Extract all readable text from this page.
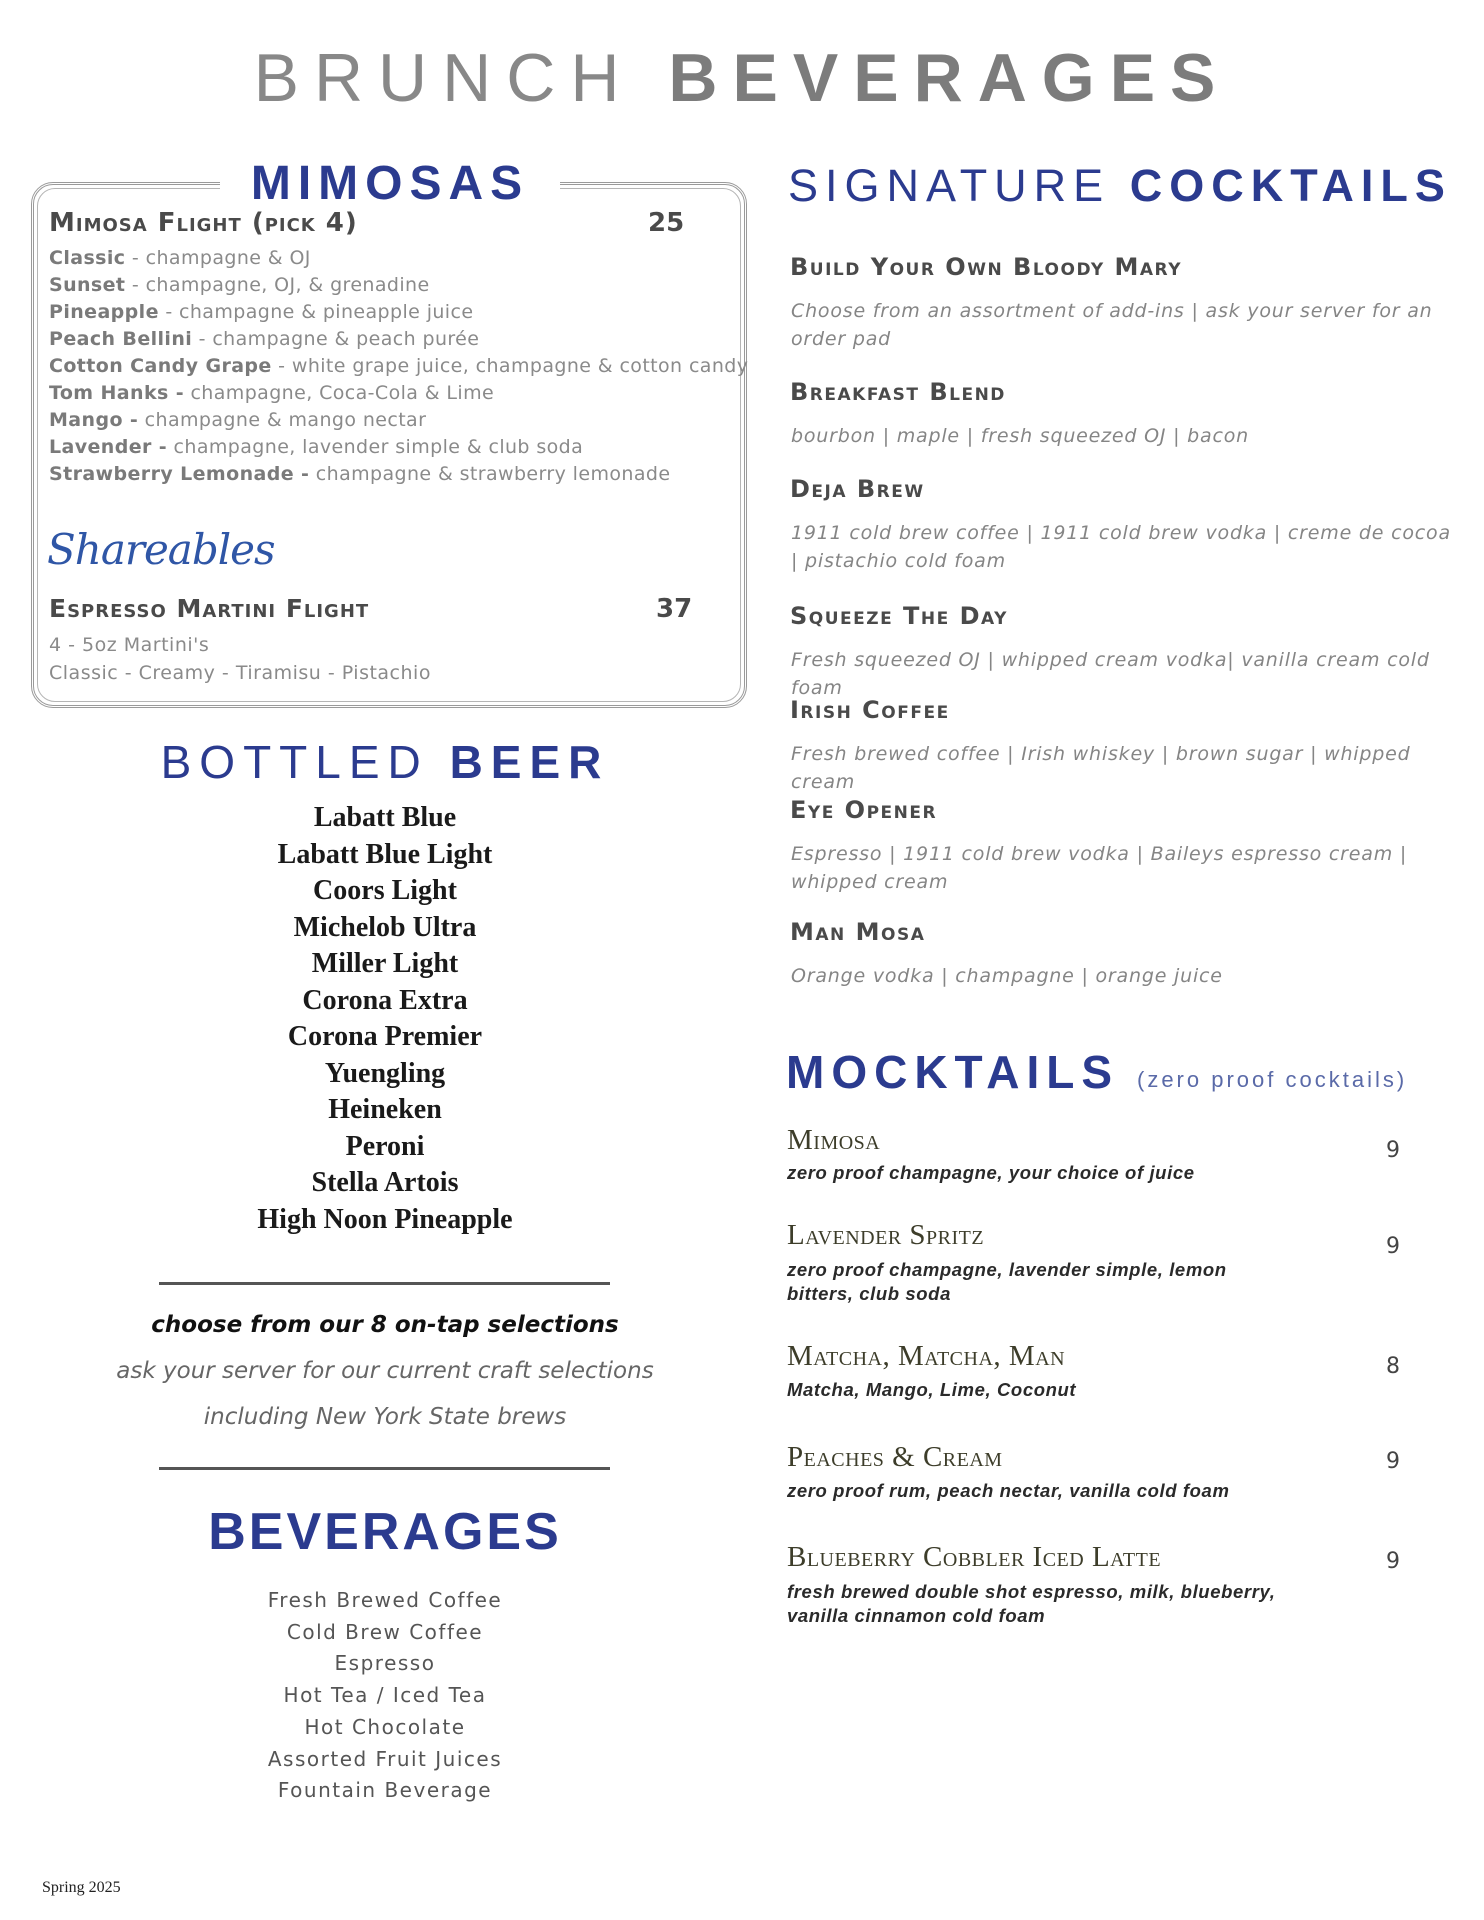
BRUNCH BEVERAGES
MIMOSAS
Mimosa Flight (pick 4)	25
Classic - champagne & OJ
Sunset - champagne, OJ, & grenadine
Pineapple - champagne & pineapple juice
Peach Bellini - champagne & peach purée
Cotton Candy Grape - white grape juice, champagne & cotton candy
Tom Hanks - champagne, Coca-Cola & Lime
Mango - champagne & mango nectar
Lavender - champagne, lavender simple & club soda
Strawberry Lemonade - champagne & strawberry lemonade
Shareables
Espresso Martini Flight	37
4 - 5oz Martini's
Classic - Creamy - Tiramisu - Pistachio
BOTTLED BEER
Labatt Blue
Labatt Blue Light
Coors Light
Michelob Ultra
Miller Light
Corona Extra
Corona Premier
Yuengling
Heineken
Peroni
Stella Artois
High Noon Pineapple
choose from our 8 on-tap selections
ask your server for our current craft selections
including New York State brews
BEVERAGES
Fresh Brewed Coffee
Cold Brew Coffee
Espresso
Hot Tea / Iced Tea
Hot Chocolate
Assorted Fruit Juices
Fountain Beverage
Spring 2025
SIGNATURE COCKTAILS
Build Your Own Bloody Mary
Choose from an assortment of add-ins | ask your server for an order pad
Breakfast Blend
bourbon | maple | fresh squeezed OJ | bacon
Deja Brew
1911 cold brew coffee | 1911 cold brew vodka | creme de cocoa | pistachio cold foam
Squeeze The Day
Fresh squeezed OJ | whipped cream vodka| vanilla cream cold foam
Irish Coffee
Fresh brewed coffee | Irish whiskey | brown sugar | whipped cream
Eye Opener
Espresso | 1911 cold brew vodka | Baileys espresso cream | whipped cream
Man Mosa
Orange vodka | champagne | orange juice
MOCKTAILS (zero proof cocktails)
Mimosa	9
zero proof champagne, your choice of juice
Lavender Spritz	9
zero proof champagne, lavender simple, lemon bitters, club soda
Matcha, Matcha, Man	8
Matcha, Mango, Lime, Coconut
Peaches & Cream	9
zero proof rum, peach nectar, vanilla cold foam
Blueberry Cobbler Iced Latte	9
fresh brewed double shot espresso, milk, blueberry, vanilla cinnamon cold foam
